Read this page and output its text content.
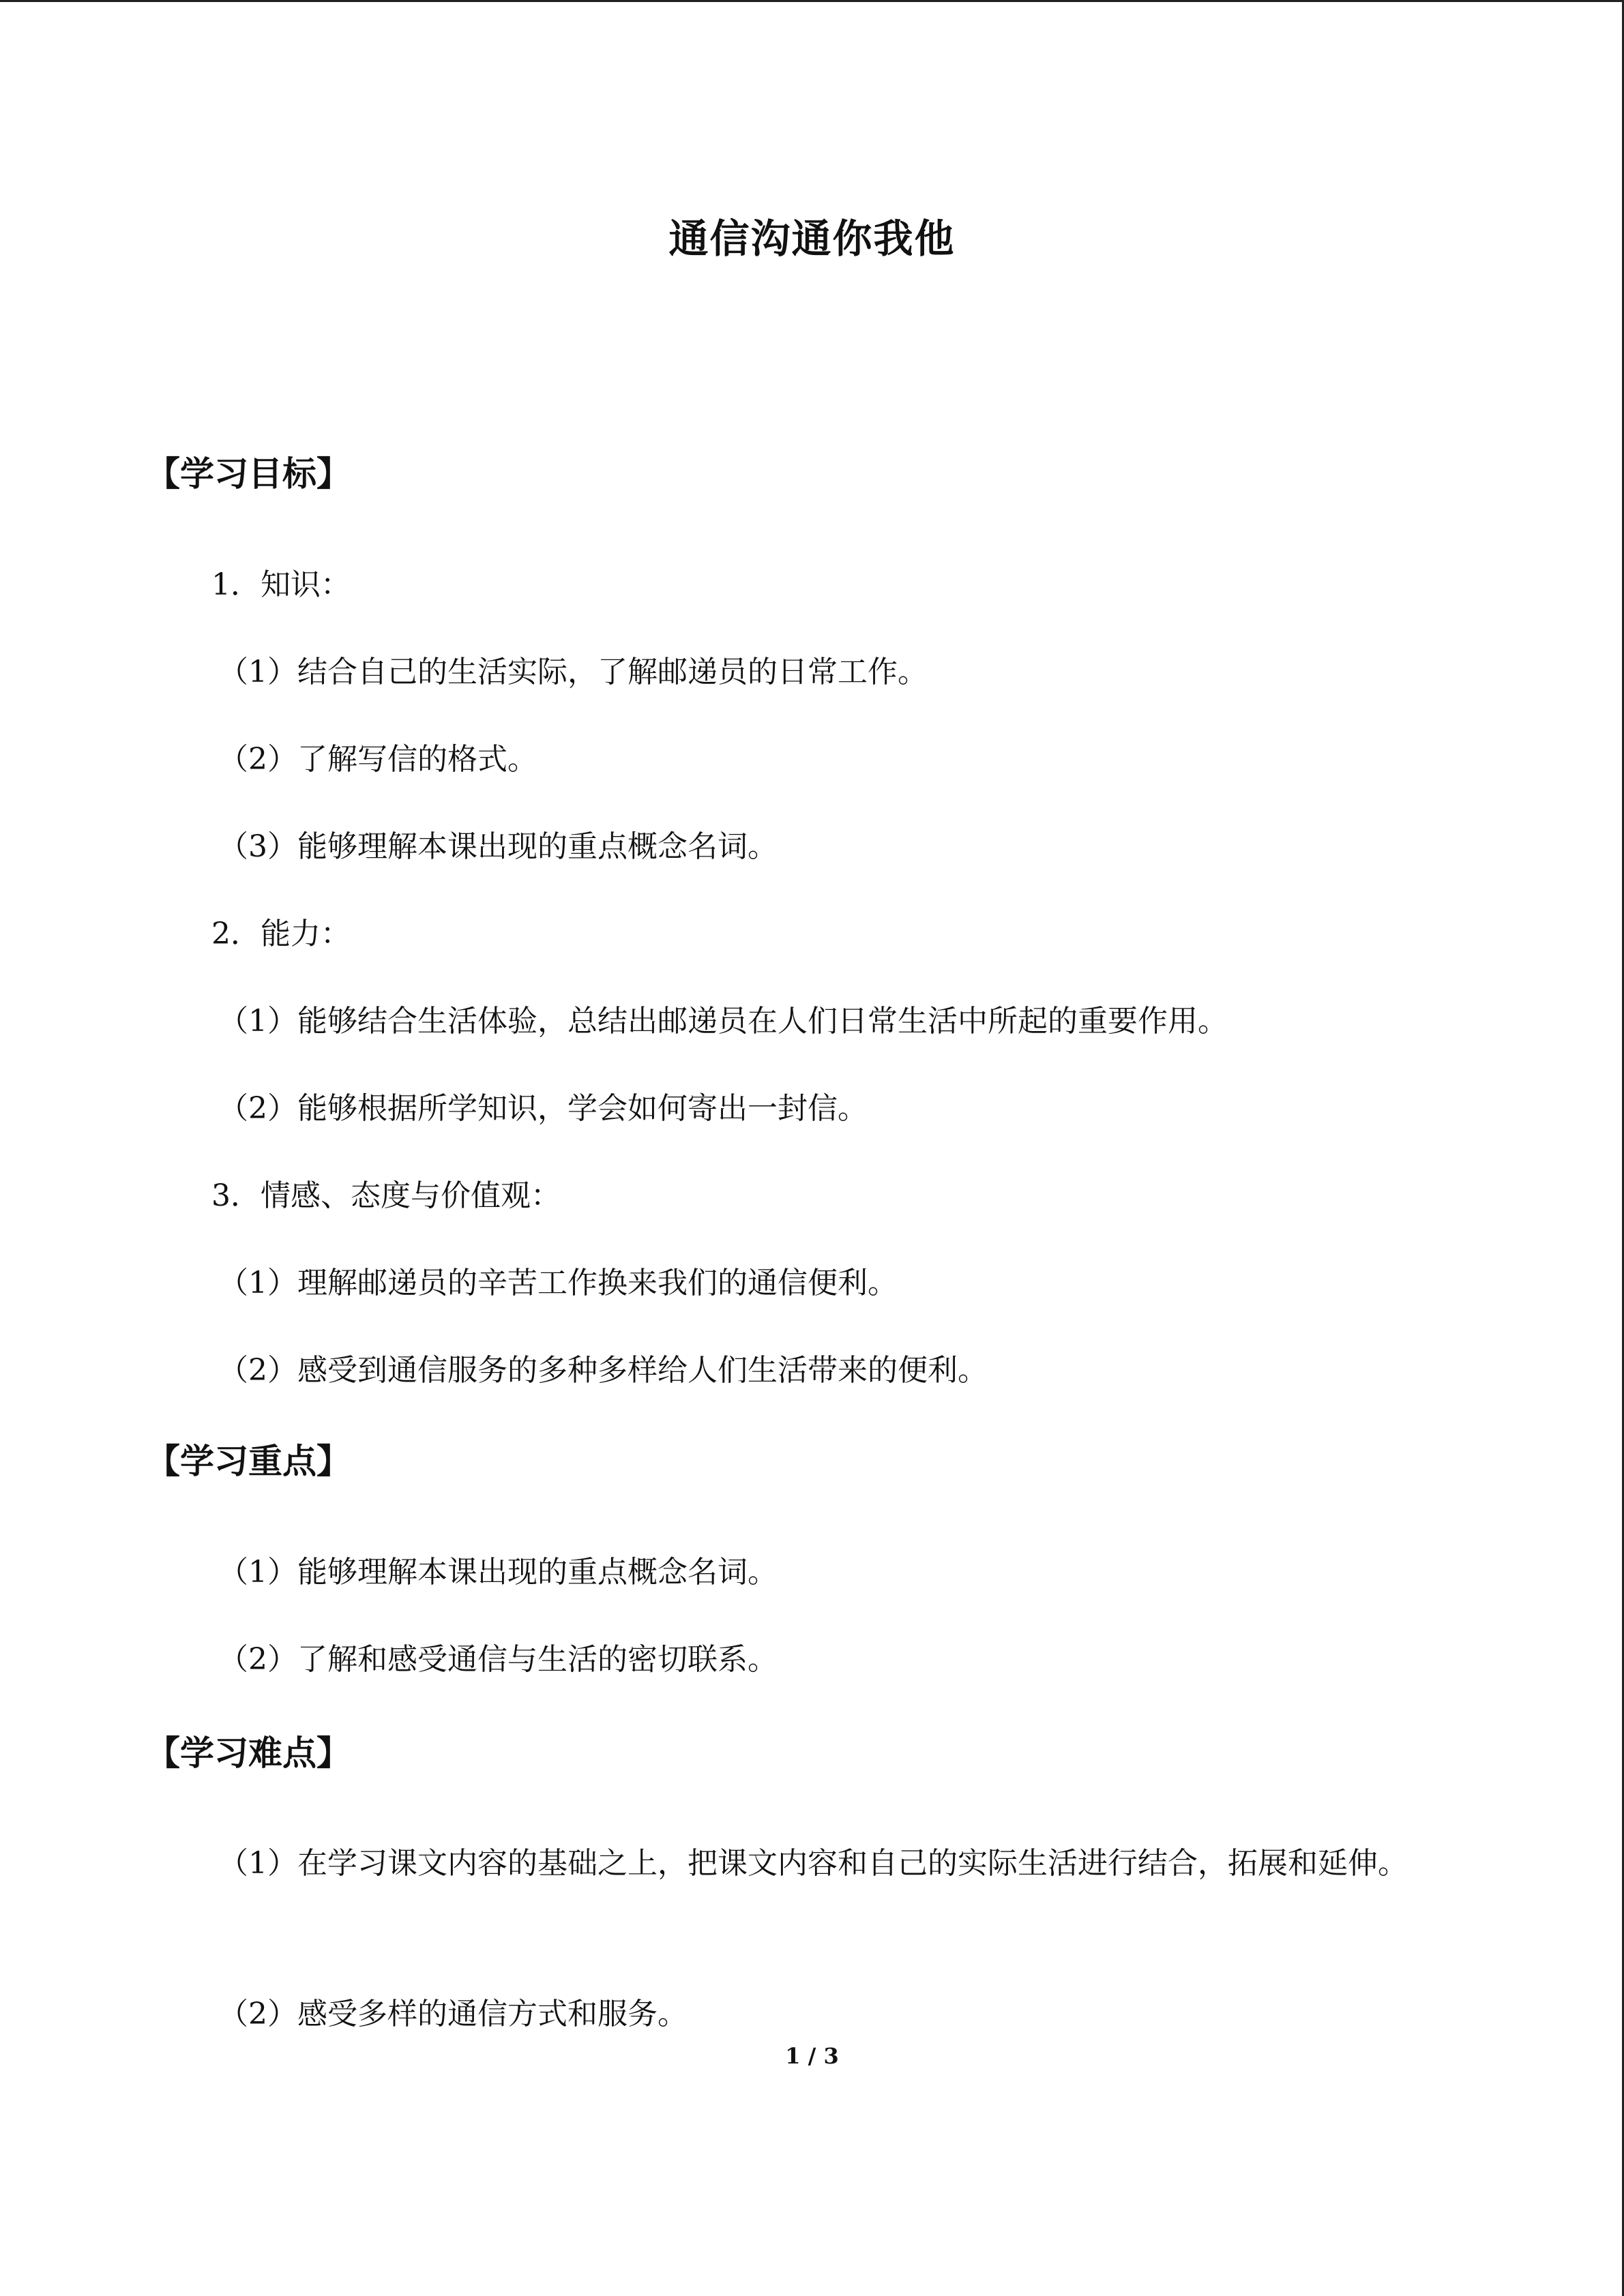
通信沟通你我他
【学习目标】
1．知识：
（1）结合自己的生活实际，了解邮递员的日常工作。
（2）了解写信的格式。
（3）能够理解本课出现的重点概念名词。
2．能力：
（1）能够结合生活体验，总结出邮递员在人们日常生活中所起的重要作用。
（2）能够根据所学知识，学会如何寄出一封信。
3．情感、态度与价值观：
（1）理解邮递员的辛苦工作换来我们的通信便利。
（2）感受到通信服务的多种多样给人们生活带来的便利。
【学习重点】
（1）能够理解本课出现的重点概念名词。
（2）了解和感受通信与生活的密切联系。
【学习难点】
（1）在学习课文内容的基础之上，把课文内容和自己的实际生活进行结合，拓展和延伸。
（2）感受多样的通信方式和服务。
1 / 3
